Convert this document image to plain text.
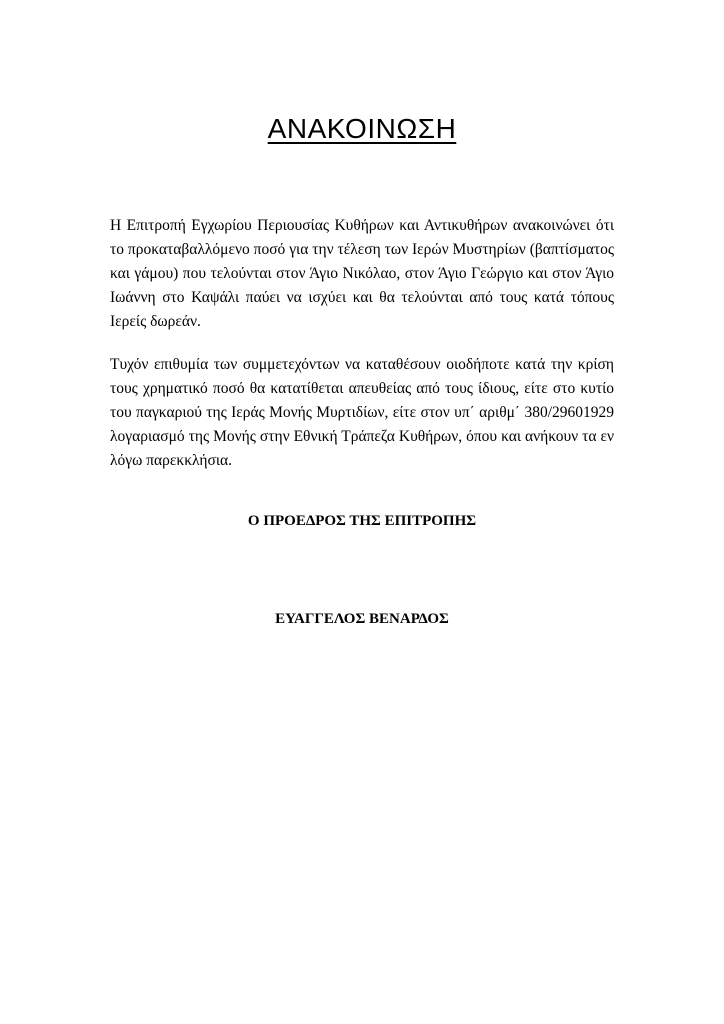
ΑΝΑΚΟΙΝΩΣΗ

Η Επιτροπή Εγχωρίου Περιουσίας Κυθήρων και Αντικυθήρων ανακοινώνει ότι το προκαταβαλλόμενο ποσό για την τέλεση των Ιερών Μυστηρίων (βαπτίσματος και γάμου) που τελούνται στον Άγιο Νικόλαο, στον Άγιο Γεώργιο και στον Άγιο Ιωάννη στο Καψάλι παύει να ισχύει και θα τελούνται από τους κατά τόπους Ιερείς δωρεάν.

Τυχόν επιθυμία των συμμετεχόντων να καταθέσουν οιοδήποτε κατά την κρίση τους χρηματικό ποσό θα κατατίθεται απευθείας από τους ίδιους, είτε στο κυτίο του παγκαριού της Ιεράς Μονής Μυρτιδίων, είτε στον υπ΄ αριθμ΄ 380/29601929 λογαριασμό της Μονής στην Εθνική Τράπεζα Κυθήρων, όπου και ανήκουν τα εν λόγω παρεκκλήσια.

Ο ΠΡΟΕΔΡΟΣ ΤΗΣ ΕΠΙΤΡΟΠΗΣ

ΕΥΑΓΓΕΛΟΣ ΒΕΝΑΡΔΟΣ
